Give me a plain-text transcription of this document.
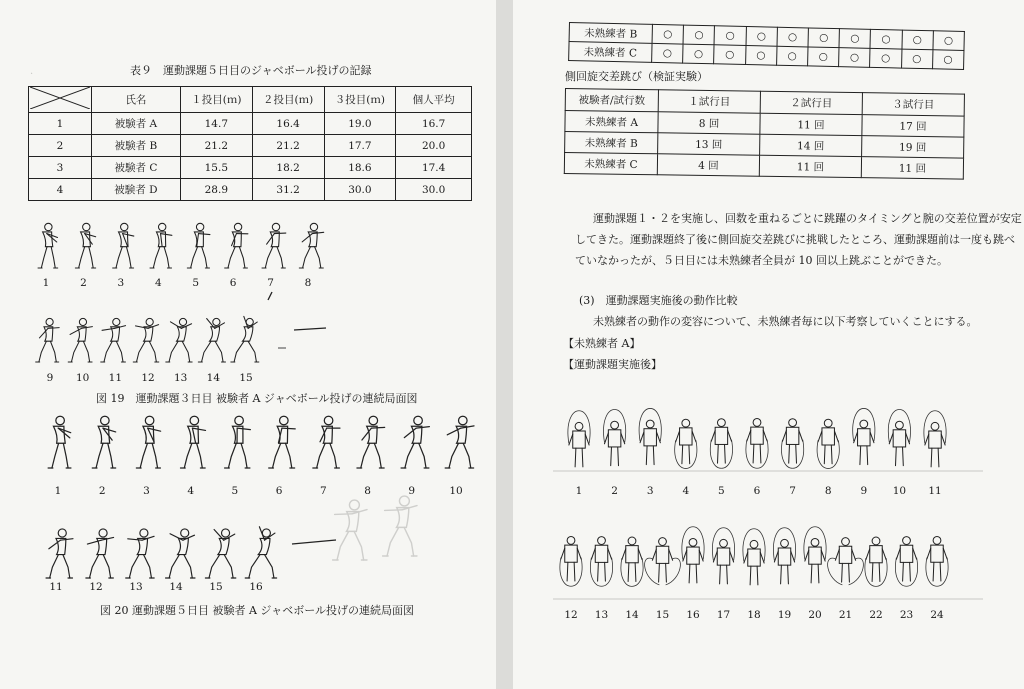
.	表９　運動課題５日目のジャベボール投げの記録
	氏名	１投目(ｍ)	２投目(ｍ)	３投目(ｍ)	個人平均
1	被験者 A	14.7	16.4	19.0	16.7
2	被験者 B	21.2	21.2	17.7	20.0
3	被験者 C	15.5	18.2	18.6	17.4
4	被験者 D	28.9	31.2	30.0	30.0
1	2	3	4	5	6	7	8
9 10 11 12 13 14 15
1	2	3	4	5	6	7	8	9	10
11	12	13	14	15	16
図 19　運動課題３日目 被験者 A ジャベボール投げの連続局面図
図 20 運動課題５日目 被験者 A ジャベボール投げの連続局面図
未熟練者 B	○	○	○	○	○	○	○	○	○	○
未熟練者 C	○	○	○	○	○	○	○	○	○	○
側回旋交差跳び（検証実験）
被験者/試行数	１試行目	２試行目	３試行目
未熟練者 A	8 回	11 回	17 回
未熟練者 B	13 回	14 回	19 回
未熟練者 C	4 回	11 回	11 回
運動課題１・２を実施し、回数を重ねるごとに跳躍のタイミングと腕の交差位置が安定
してきた。運動課題終了後に側回旋交差跳びに挑戦したところ、運動課題前は一度も跳べ
ていなかったが、５日目には未熟練者全員が 10 回以上跳ぶことができた。
(3)　運動課題実施後の動作比較
未熟練者の動作の変容について、未熟練者毎に以下考察していくことにする。
【未熟練者 A】
【運動課題実施後】
1	2	3	4	5	6	7	8	9 10 11
12 13 14 15 16 17 18 19 20 21 22 23 24
